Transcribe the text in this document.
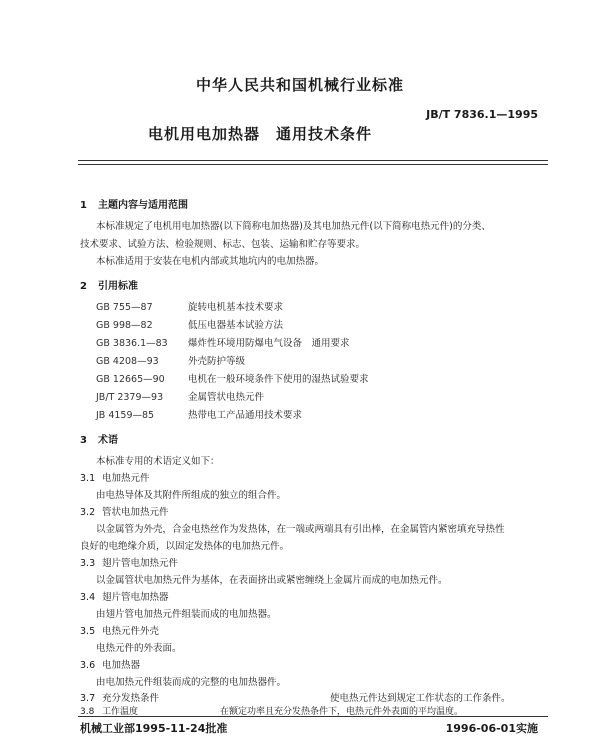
中华人民共和国机械行业标准
JB/T 7836.1—1995
电机用电加热器　通用技术条件
1 主题内容与适用范围
本标准规定了电机用电加热器(以下简称电加热器)及其电加热元件(以下简称电热元件)的分类、
技术要求、试验方法、检验规则、标志、包装、运输和贮存等要求。
本标准适用于安装在电机内部或其地坑内的电加热器。
2 引用标准
GB 755—87	旋转电机基本技术要求
GB 998—82	低压电器基本试验方法
GB 3836.1—83 爆炸性环境用防爆电气设备　通用要求
GB 4208—93	外壳防护等级
GB 12665—90 电机在一般环境条件下使用的湿热试验要求
JB/T 2379—93	金属管状电热元件
JB 4159—85	热带电工产品通用技术要求
3 术语
本标准专用的术语定义如下：
3.1 电加热元件
由电热导体及其附件所组成的独立的组合件。
3.2 管状电加热元件
以金属管为外壳，合金电热丝作为发热体，在一端或两端具有引出棒，在金属管内紧密填充导热性
良好的电绝缘介质，以固定发热体的电加热元件。
3.3 翅片管电加热元件
以金属管状电加热元件为基体，在表面挤出或紧密缠绕上金属片而成的电加热元件。
3.4 翅片管电加热器
由翅片管电加热元件组装而成的电加热器。
3.5 电热元件外壳
电热元件的外表面。
3.6 电加热器
由电加热元件组装而成的完整的电加热器件。
3.7 充分发热条件	使电热元件达到规定工作状态的工作条件。
3.8 工作温度	在额定功率且充分发热条件下，电热元件外表面的平均温度。
机械工业部1995-11-24批准	1996-06-01实施
